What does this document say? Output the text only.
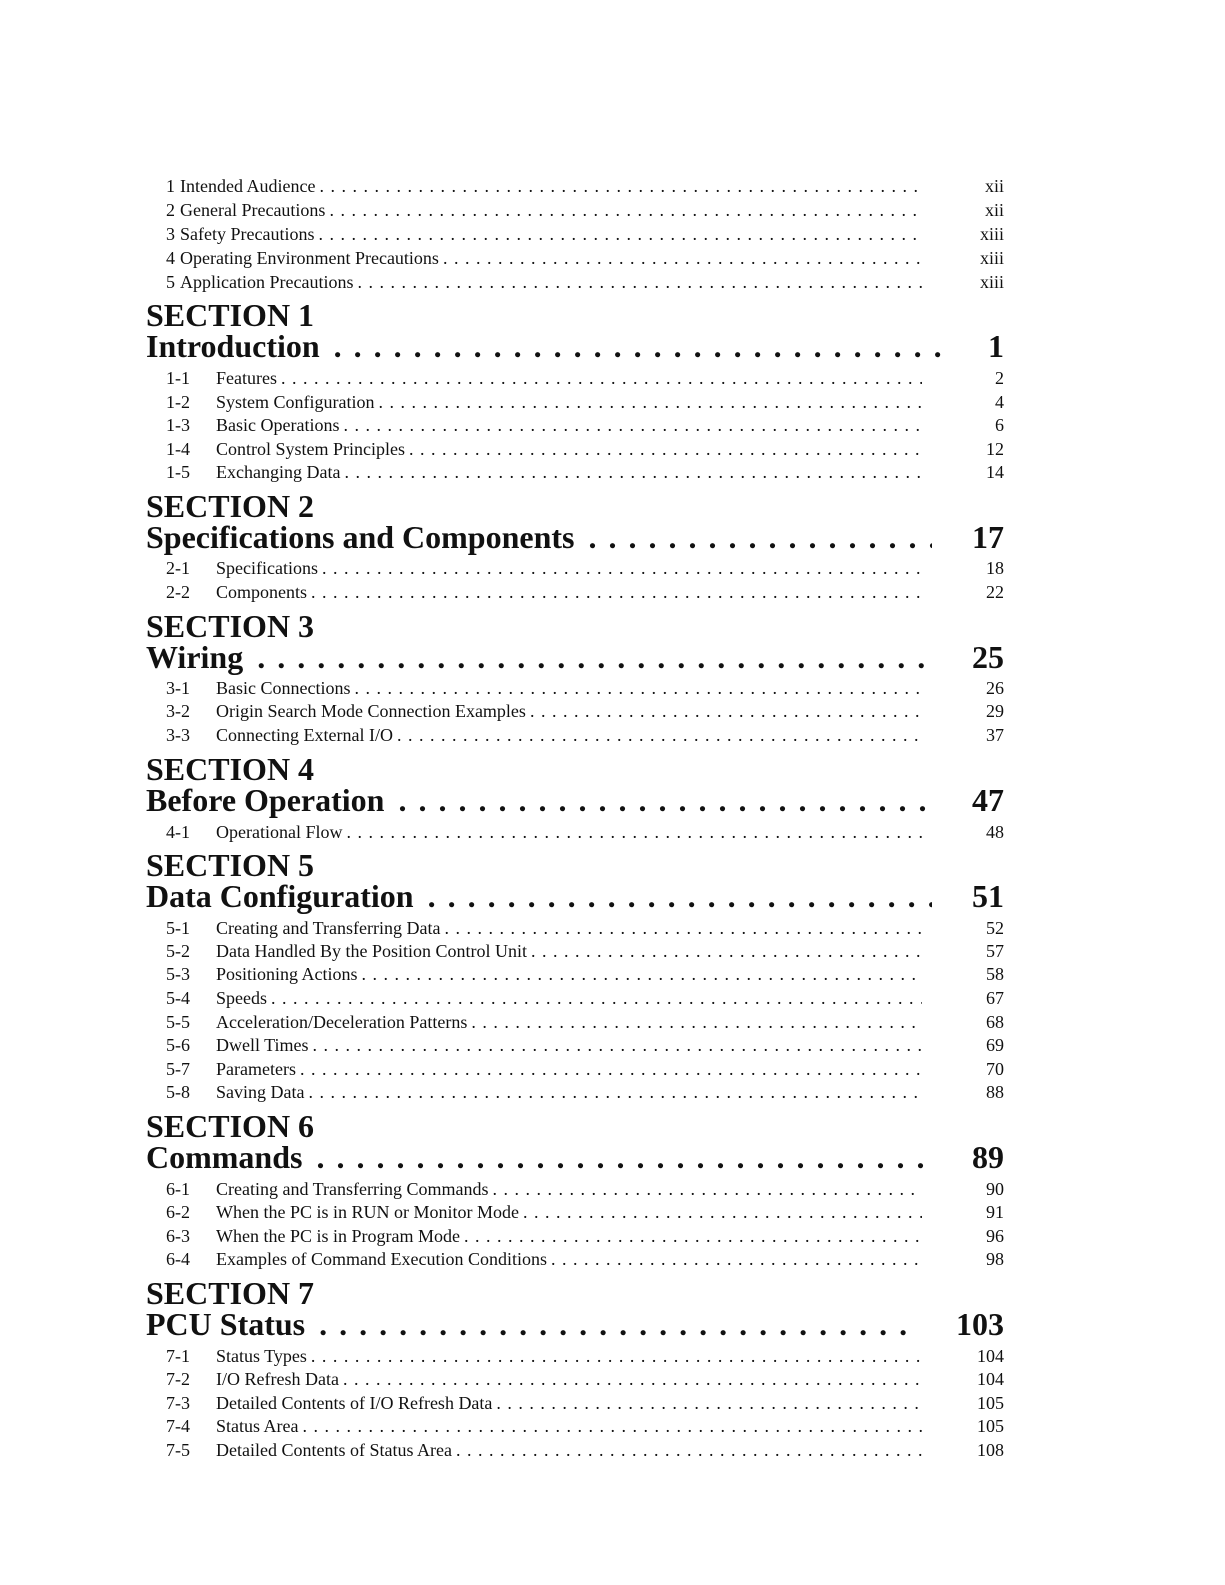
1 Intended Audience . . .	xii
2 General Precautions . . .	xii
3 Safety Precautions . . .	xiii
4 Operating Environment Precautions . . .	xiii
5 Application Precautions . . .	xiii
SECTION 1
Introduction . . .	1
1-1	Features . . .	2
1-2	System Configuration . . .	4
1-3	Basic Operations . . .	6
1-4	Control System Principles . . .	12
1-5	Exchanging Data . . .	14
SECTION 2
Specifications and Components . . .	17
2-1	Specifications . . .	18
2-2	Components . . .	22
SECTION 3
Wiring . . .	25
3-1	Basic Connections . . .	26
3-2	Origin Search Mode Connection Examples . . .	29
3-3	Connecting External I/O . . .	37
SECTION 4
Before Operation . . .	47
4-1	Operational Flow . . .	48
SECTION 5
Data Configuration . . .	51
5-1	Creating and Transferring Data . . .	52
5-2	Data Handled By the Position Control Unit . . .	57
5-3	Positioning Actions . . .	58
5-4	Speeds . . .	67
5-5	Acceleration/Deceleration Patterns . . .	68
5-6	Dwell Times . . .	69
5-7	Parameters . . .	70
5-8	Saving Data . . .	88
SECTION 6
Commands . . .	89
6-1	Creating and Transferring Commands . . .	90
6-2	When the PC is in RUN or Monitor Mode . . .	91
6-3	When the PC is in Program Mode . . .	96
6-4	Examples of Command Execution Conditions . . .	98
SECTION 7
PCU Status . . .	103
7-1	Status Types . . .	104
7-2	I/O Refresh Data . . .	104
7-3	Detailed Contents of I/O Refresh Data . . .	105
7-4	Status Area . . .	105
7-5	Detailed Contents of Status Area . . .	108
